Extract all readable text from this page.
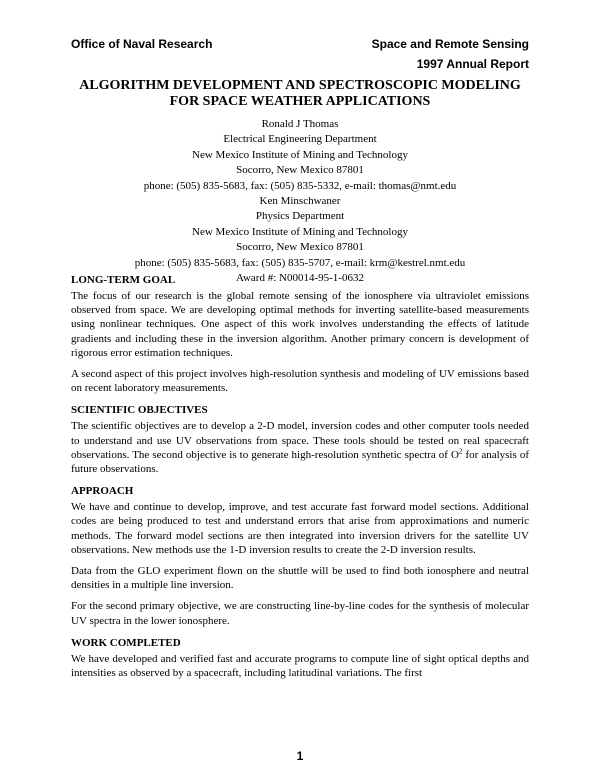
Office of Naval Research	Space and Remote Sensing

1997 Annual Report

ALGORITHM DEVELOPMENT AND SPECTROSCOPIC MODELING
FOR SPACE WEATHER APPLICATIONS
Ronald J Thomas
Electrical Engineering Department
New Mexico Institute of Mining and Technology
Socorro, New Mexico 87801
phone: (505) 835-5683, fax: (505) 835-5332, e-mail: thomas@nmt.edu
Ken Minschwaner
Physics Department
New Mexico Institute of Mining and Technology
Socorro, New Mexico 87801
phone: (505) 835-5683, fax: (505) 835-5707, e-mail: krm@kestrel.nmt.edu
Award #: N00014-95-1-0632
LONG-TERM GOAL

The focus of our research is the global remote sensing of the ionosphere via ultraviolet emissions observed from space. We are developing optimal methods for inverting satellite-based measurements using nonlinear techniques. One aspect of this work involves understanding the effects of latitude gradients and including these in the inversion algorithm. Another primary concern is development of rigorous error estimation techniques.

A second aspect of this project involves high-resolution synthesis and modeling of UV emissions based on recent laboratory measurements.

SCIENTIFIC OBJECTIVES

The scientific objectives are to develop a 2-D model, inversion codes and other computer tools needed to understand and use UV observations from space. These tools should be tested on real spacecraft observations. The second objective is to generate high-resolution synthetic spectra of $O^2$ for analysis of future observations.

APPROACH

We have and continue to develop, improve, and test accurate fast forward model sections. Additional codes are being produced to test and understand errors that arise from approximations and numeric methods. The forward model sections are then integrated into inversion drivers for the satellite UV observations. New methods use the 1-D inversion results to create the 2-D inversion results.

Data from the GLO experiment flown on the shuttle will be used to find both ionosphere and neutral densities in a multiple line inversion.

For the second primary objective, we are constructing line-by-line codes for the synthesis of molecular UV spectra in the lower ionosphere.

WORK COMPLETED

We have developed and verified fast and accurate programs to compute line of sight optical depths and intensities as observed by a spacecraft, including latitudinal variations. The first

1
